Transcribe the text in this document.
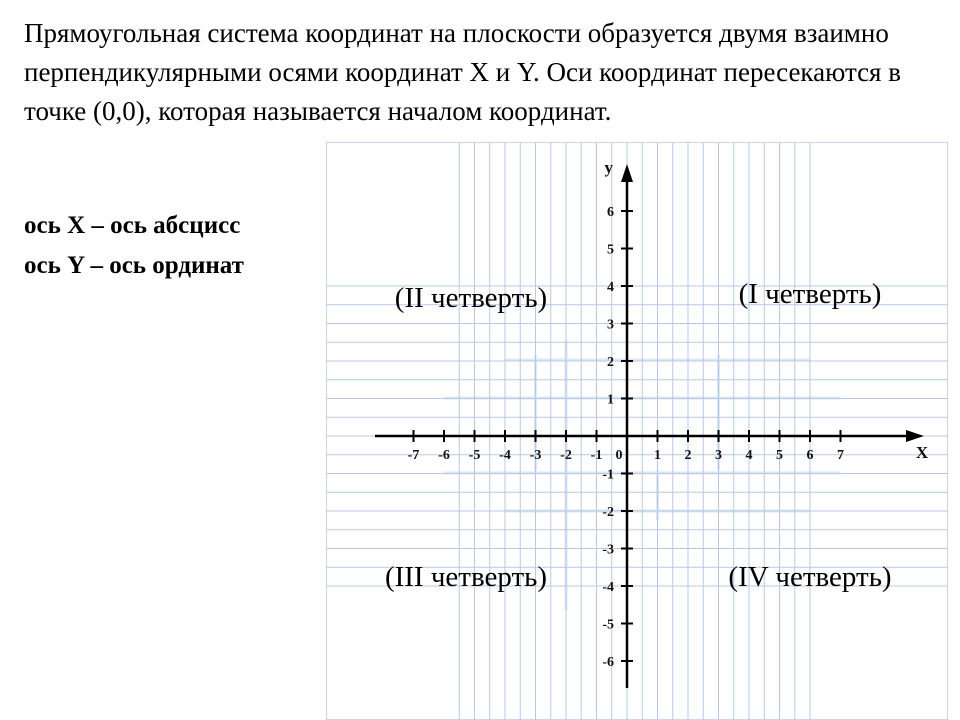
Прямоугольная система координат на плоскости образуется двумя взаимно перпендикулярными осями координат X и Y. Оси координат пересекаются в точке (0,0), которая называется началом координат.

ось X – ось абсцисс
ось Y – ось ординат
-7 -6 -5 -4 -3 -2 -1	1 2 3 4 5 6 7
6
5
4
3
2
1
-1
-2
-3
-4
-5
-6
0	X
y
(II четверть)	(I четверть)
(III четверть)	(IV четверть)
